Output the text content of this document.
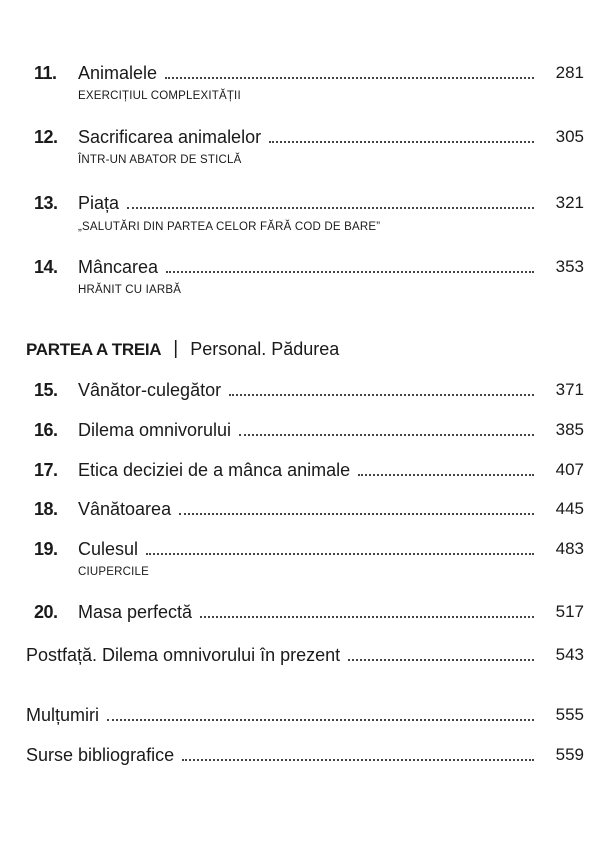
11.	Animalele	281
EXERCIȚIUL COMPLEXITĂȚII
12.	Sacrificarea animalelor	305
ÎNTR-UN ABATOR DE STICLĂ
13.	Piața	321
„SALUTĂRI DIN PARTEA CELOR FĂRĂ COD DE BARE”
14.	Mâncarea	353
HRĂNIT CU IARBĂ
PARTEA A TREIA | Personal. Pădurea
15.	Vânător-culegător	371
16.	Dilema omnivorului	385
17.	Etica deciziei de a mânca animale	407
18.	Vânătoarea	445
19.	Culesul	483
CIUPERCILE
20.	Masa perfectă	517
Postfață. Dilema omnivorului în prezent	543
Mulțumiri	555
Surse bibliografice	559
